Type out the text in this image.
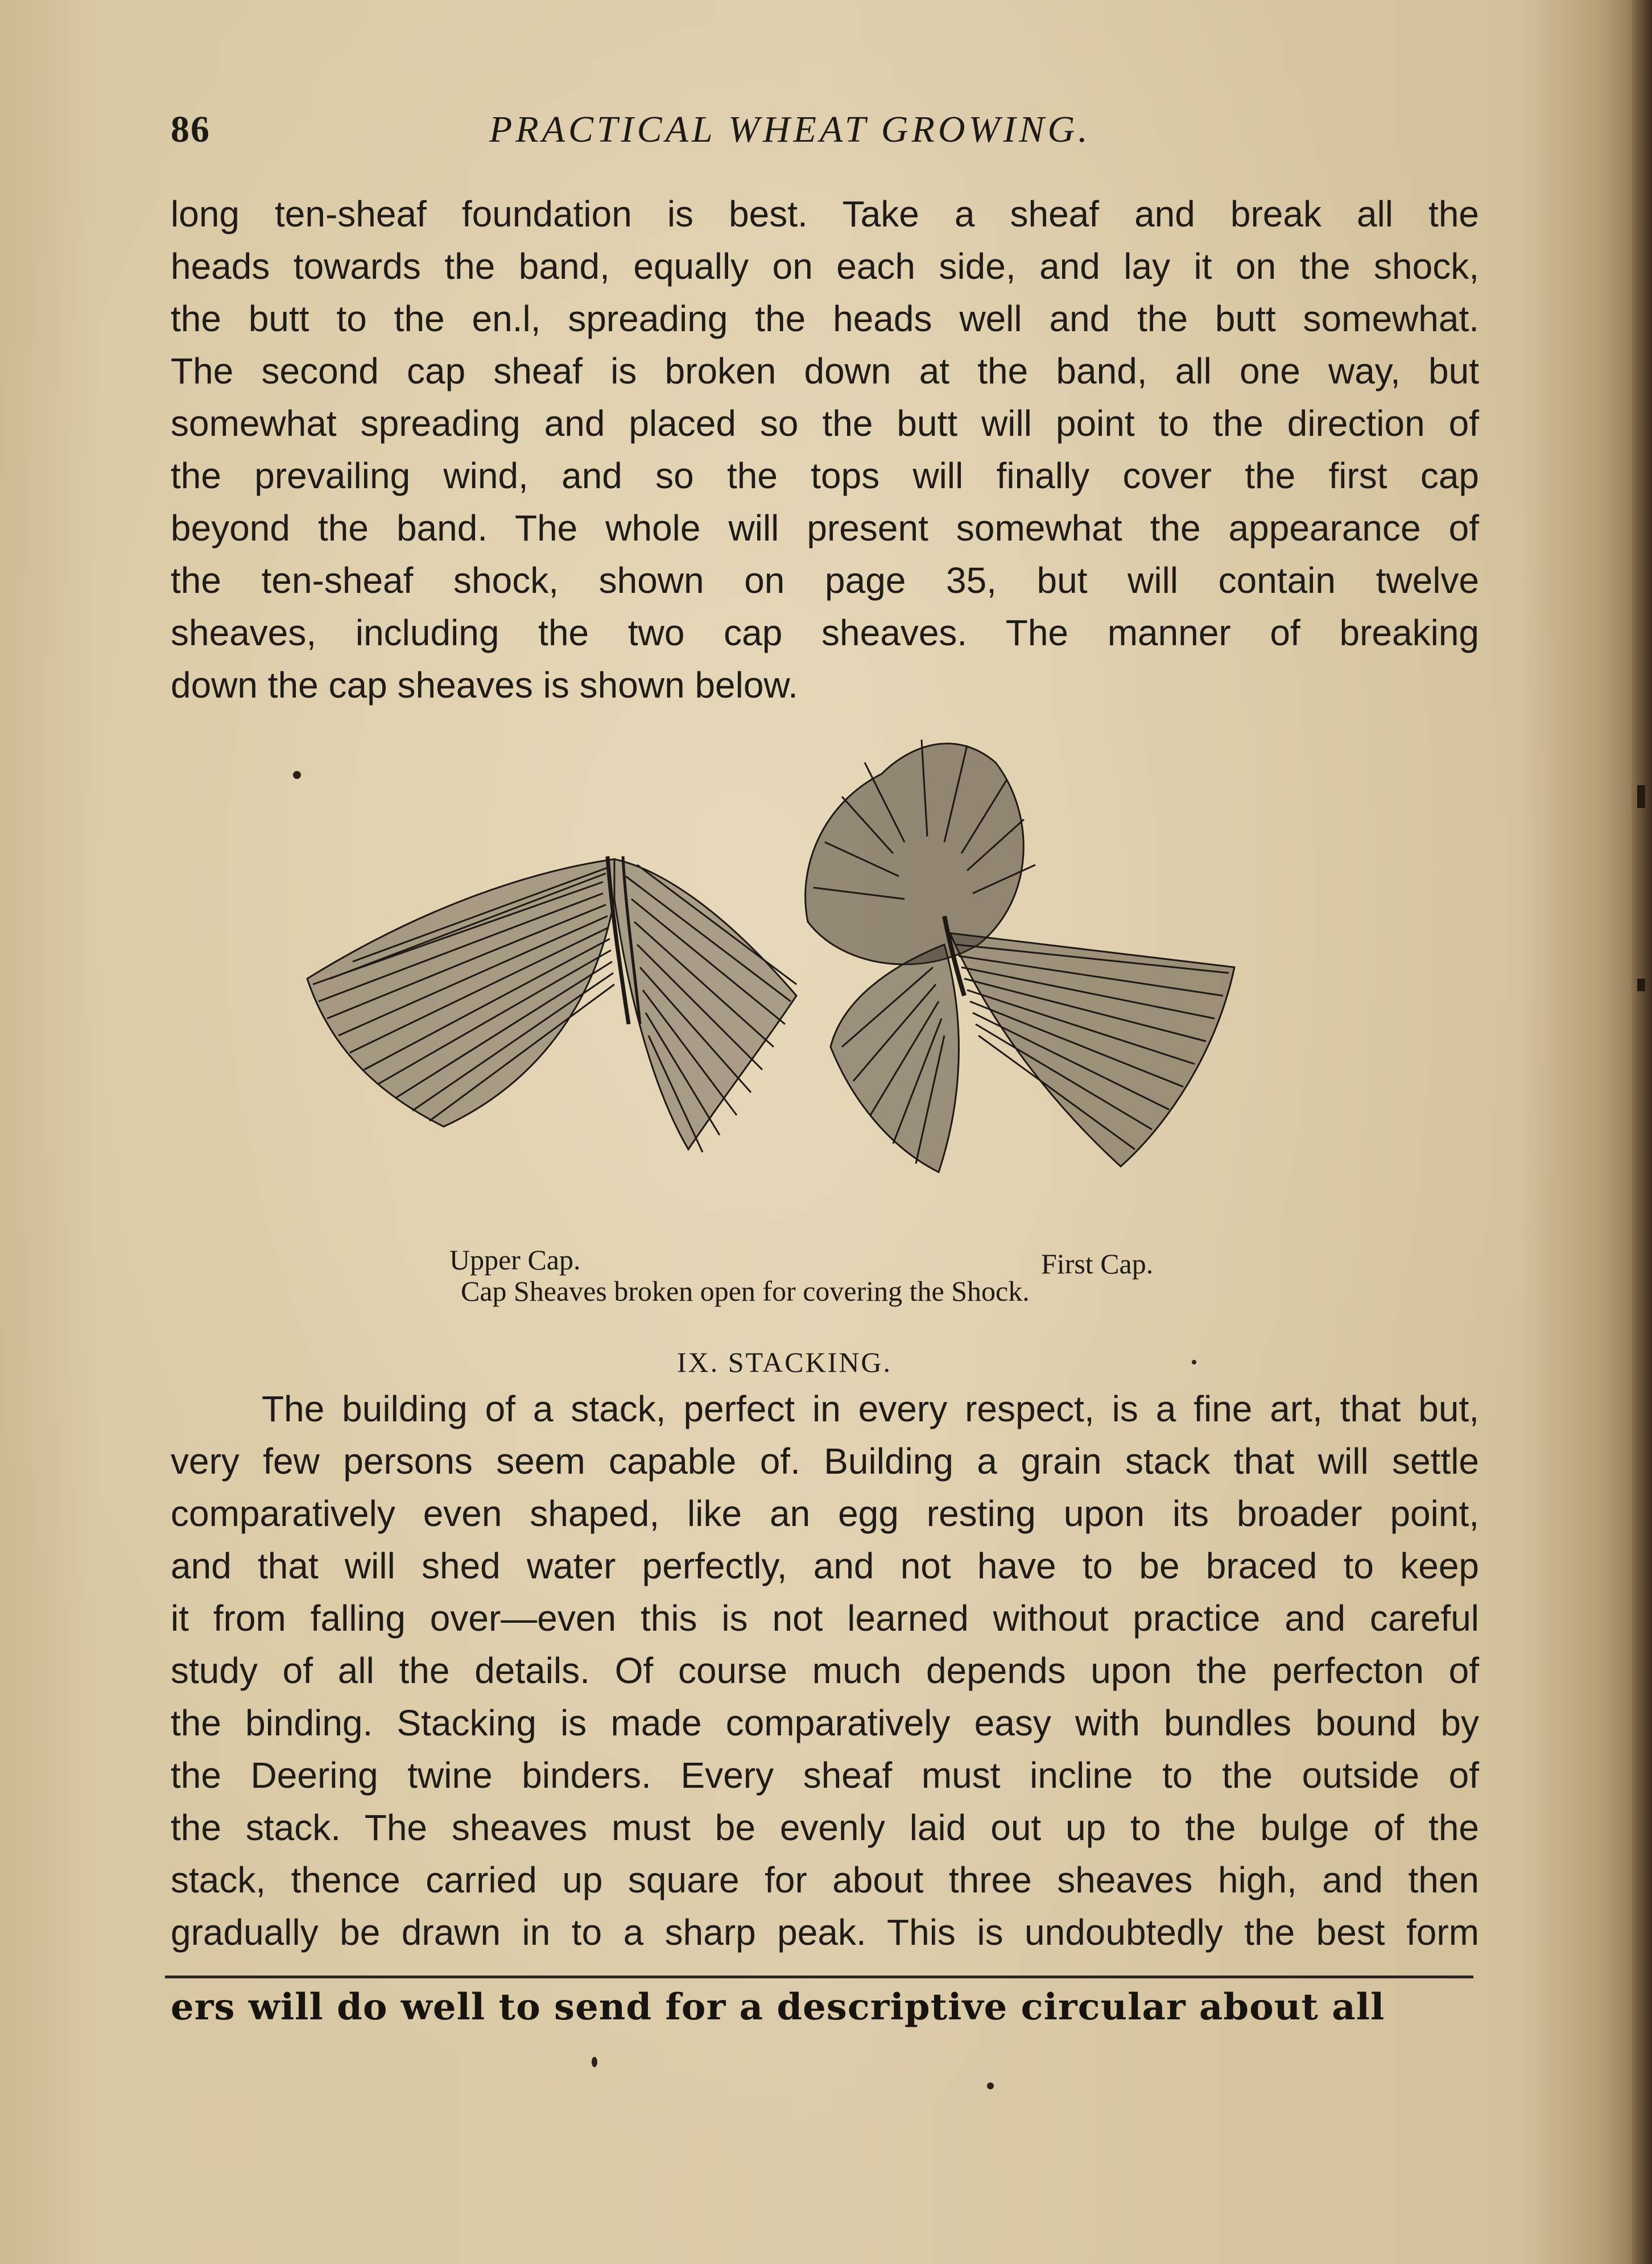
86	PRACTICAL WHEAT GROWING.
long ten-sheaf foundation is best. Take a sheaf and break all the
heads towards the band, equally on each side, and lay it on the shock,
the butt to the en.l, spreading the heads well and the butt somewhat.
The second cap sheaf is broken down at the band, all one way, but
somewhat spreading and placed so the butt will point to the direction of
the prevailing wind, and so the tops will finally cover the first cap
beyond the band. The whole will present somewhat the appearance of
the ten-sheaf shock, shown on page 35, but will contain twelve
sheaves, including the two cap sheaves. The manner of breaking
down the cap sheaves is shown below.
Upper Cap.	First Cap.
Cap Sheaves broken open for covering the Shock.
IX. STACKING.
The building of a stack, perfect in every respect, is a fine art, that but,
very few persons seem capable of. Building a grain stack that will settle
comparatively even shaped, like an egg resting upon its broader point,
and that will shed water perfectly, and not have to be braced to keep
it from falling over—even this is not learned without practice and careful
study of all the details. Of course much depends upon the perfecton of
the binding. Stacking is made comparatively easy with bundles bound by
the Deering twine binders. Every sheaf must incline to the outside of
the stack. The sheaves must be evenly laid out up to the bulge of the
stack, thence carried up square for about three sheaves high, and then
gradually be drawn in to a sharp peak. This is undoubtedly the best form
ers will do well to send for a descriptive circular about all
